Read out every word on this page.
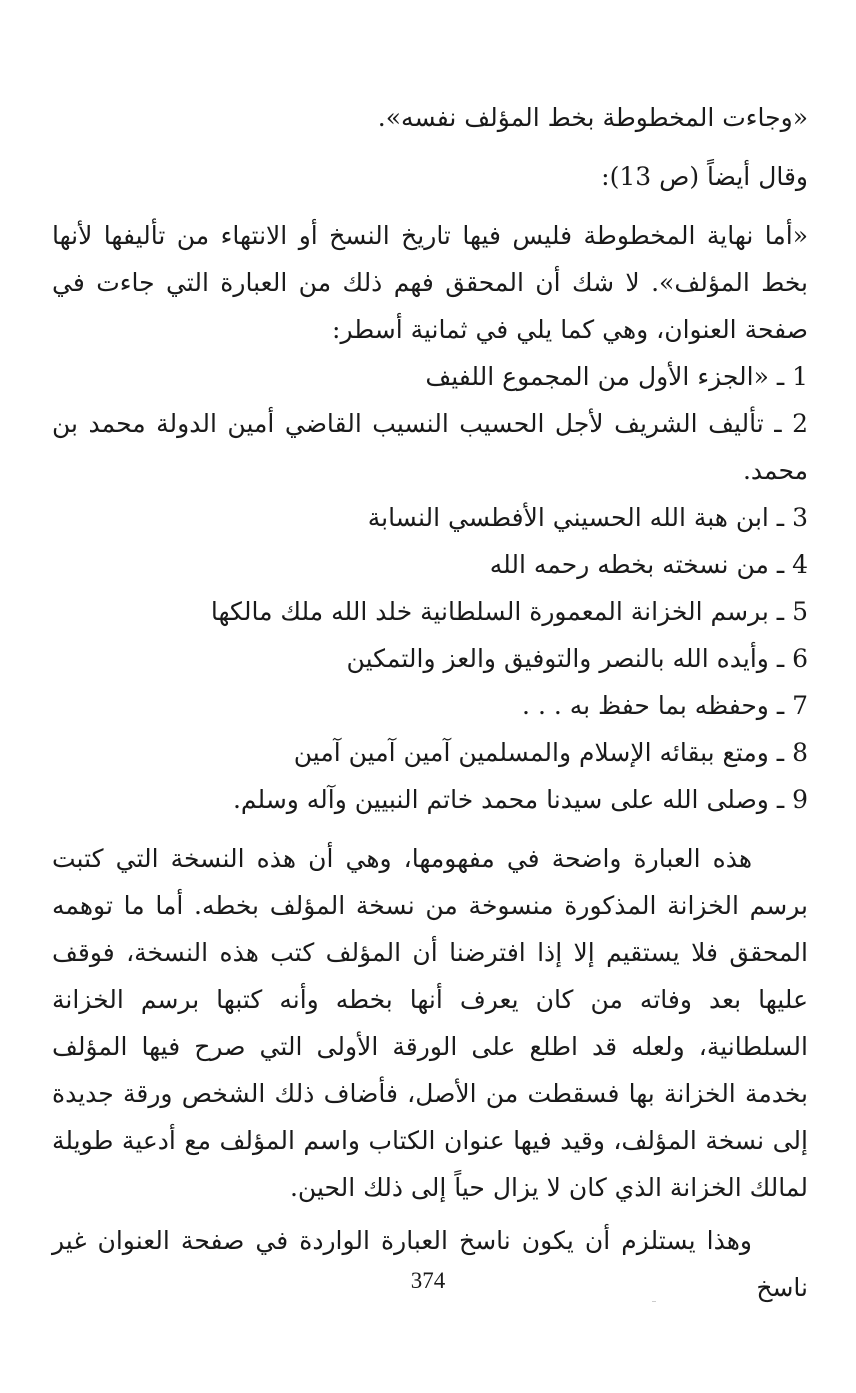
«وجاءت المخطوطة بخط المؤلف نفسه».

وقال أيضاً (ص 13):

«أما نهاية المخطوطة فليس فيها تاريخ النسخ أو الانتهاء من تأليفها لأنها بخط المؤلف». لا شك أن المحقق فهم ذلك من العبارة التي جاءت في صفحة العنوان، وهي كما يلي في ثمانية أسطر:

1 ـ «الجزء الأول من المجموع اللفيف
2 ـ تأليف الشريف لأجل الحسيب النسيب القاضي أمين الدولة محمد بن محمد.
3 ـ ابن هبة الله الحسيني الأفطسي النسابة
4 ـ من نسخته بخطه رحمه الله
5 ـ برسم الخزانة المعمورة السلطانية خلد الله ملك مالكها
6 ـ وأيده الله بالنصر والتوفيق والعز والتمكين
7 ـ وحفظه بما حفظ به . . .
8 ـ ومتع ببقائه الإسلام والمسلمين آمين آمين آمين
9 ـ وصلى الله على سيدنا محمد خاتم النبيين وآله وسلم.

هذه العبارة واضحة في مفهومها، وهي أن هذه النسخة التي كتبت برسم الخزانة المذكورة منسوخة من نسخة المؤلف بخطه. أما ما توهمه المحقق فلا يستقيم إلا إذا افترضنا أن المؤلف كتب هذه النسخة، فوقف عليها بعد وفاته من كان يعرف أنها بخطه وأنه كتبها برسم الخزانة السلطانية، ولعله قد اطلع على الورقة الأولى التي صرح فيها المؤلف بخدمة الخزانة بها فسقطت من الأصل، فأضاف ذلك الشخص ورقة جديدة إلى نسخة المؤلف، وقيد فيها عنوان الكتاب واسم المؤلف مع أدعية طويلة لمالك الخزانة الذي كان لا يزال حياً إلى ذلك الحين.

وهذا يستلزم أن يكون ناسخ العبارة الواردة في صفحة العنوان غير ناسخ

374
